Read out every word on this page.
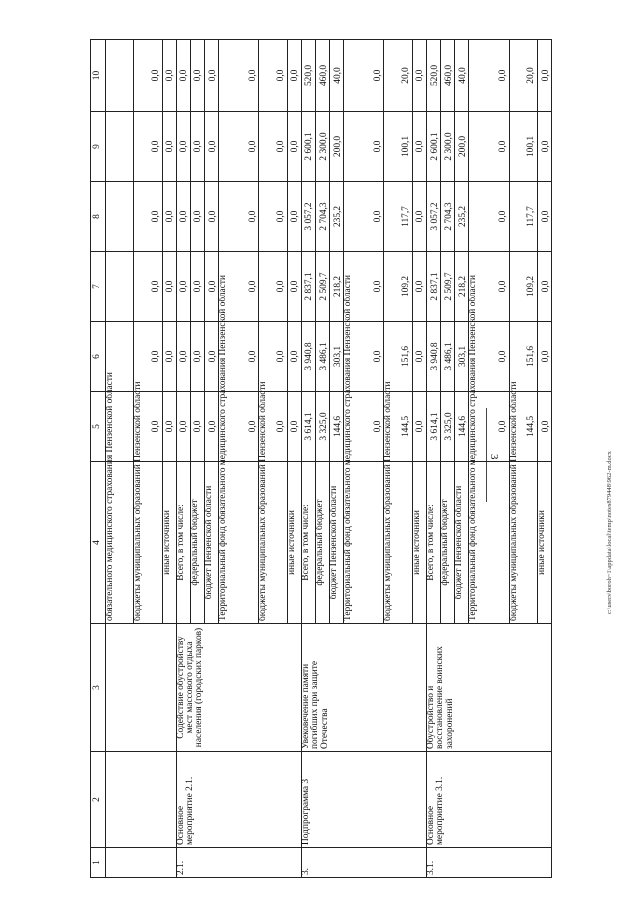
3	c:\users\boroh~1\appdata\local\temp\notes879448\962-m.docx
1	2	3	4	5	6	7	8	9	10
			обязательного медицинского страхования Пензенской области						
			бюджеты муниципальных образований Пензенской области	0,0	0,0	0,0	0,0	0,0	0,0
			иные источники	0,0	0,0	0,0	0,0	0,0	0,0
2.1.	Основное мероприятие 2.1.	Содействие обустройству мест массового отдыха населения (городских парков)	Всего, в том числе:	0,0	0,0	0,0	0,0	0,0	0,0
			федеральный бюджет	0,0	0,0	0,0	0,0	0,0	0,0
			бюджет Пензенской области	0,0	0,0	0,0	0,0	0,0	0,0
			Территориальный фонд обязательного медицинского страхования Пензенской области	0,0	0,0	0,0	0,0	0,0	0,0
			бюджеты муниципальных образований Пензенской области	0,0	0,0	0,0	0,0	0,0	0,0
			иные источники	0,0	0,0	0,0	0,0	0,0	0,0
3.	Подпрограмма 3	Увековечение памяти погибших при защите Отечества	Всего, в том числе:	3 614,1	3 940,8	2 837,1	3 057,2	2 600,1	520,0
			федеральный бюджет	3 325,0	3 486,1	2 509,7	2 704,3	2 300,0	460,0
			бюджет Пензенской области	144,6	303,1	218,2	235,2	200,0	40,0
			Территориальный фонд обязательного медицинского страхования Пензенской области	0,0	0,0	0,0	0,0	0,0	0,0
			бюджеты муниципальных образований Пензенской области	144,5	151,6	109,2	117,7	100,1	20,0
			иные источники	0,0	0,0	0,0	0,0	0,0	0,0
3.1.	Основное мероприятие 3.1.	Обустройство и восстановление воинских захоронений	Всего, в том числе:	3 614,1	3 940,8	2 837,1	3 057,2	2 600,1	520,0
			федеральный бюджет	3 325,0	3 486,1	2 509,7	2 704,3	2 300,0	460,0
			бюджет Пензенской области	144,6	303,1	218,2	235,2	200,0	40,0
			Территориальный фонд обязательного медицинского страхования Пензенской области	0,0	0,0	0,0	0,0	0,0	0,0
			бюджеты муниципальных образований Пензенской области	144,5	151,6	109,2	117,7	100,1	20,0
			иные источники	0,0	0,0	0,0	0,0	0,0	0,0
